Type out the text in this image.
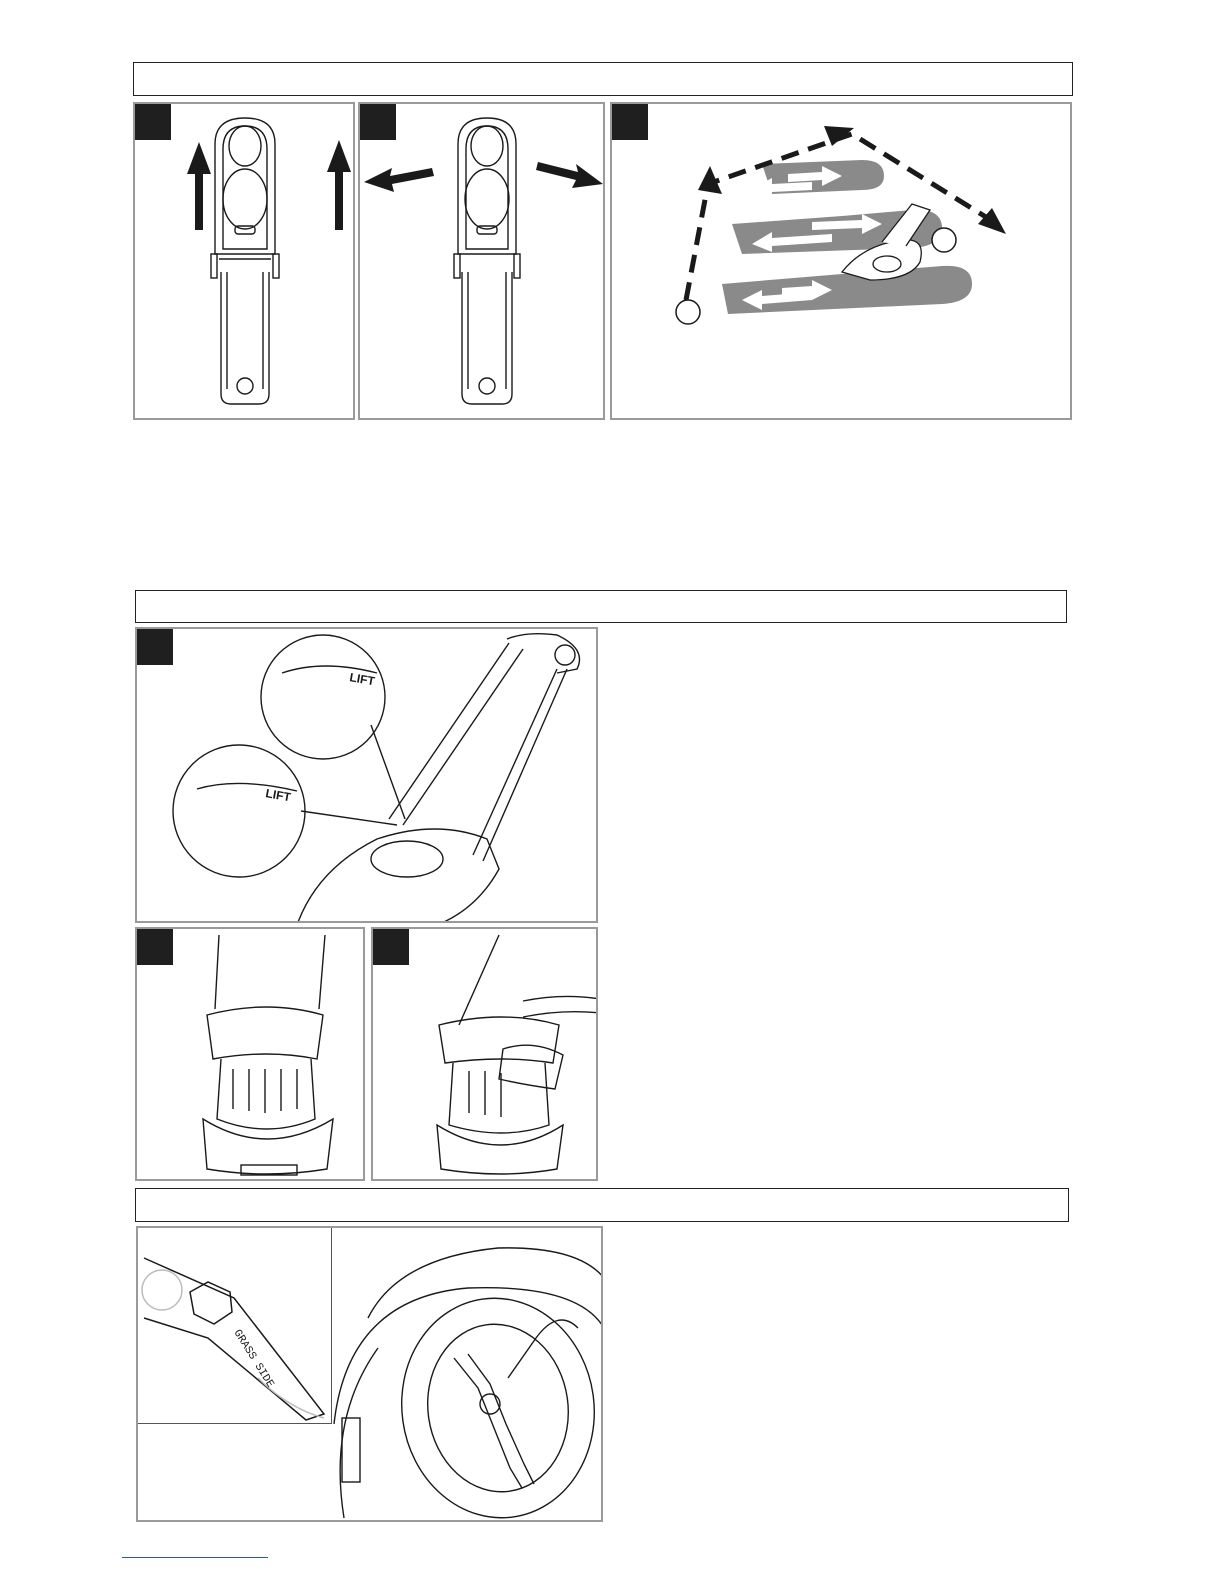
LIFT
LIFT
GRASS SIDE
